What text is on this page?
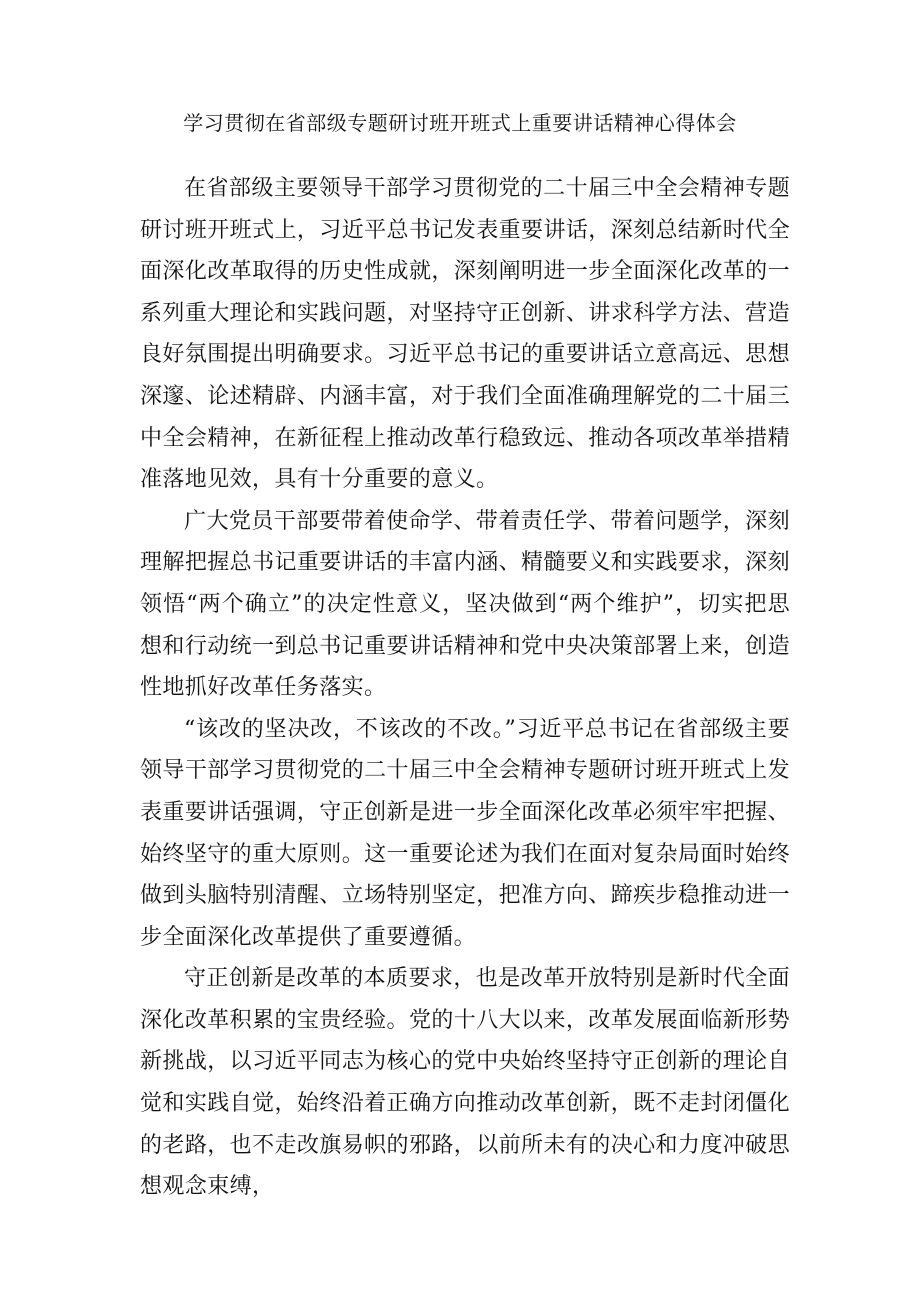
学习贯彻在省部级专题研讨班开班式上重要讲话精神心得体会

在省部级主要领导干部学习贯彻党的二十届三中全会精神专题研讨班开班式上，习近平总书记发表重要讲话，深刻总结新时代全面深化改革取得的历史性成就，深刻阐明进一步全面深化改革的一系列重大理论和实践问题，对坚持守正创新、讲求科学方法、营造良好氛围提出明确要求。习近平总书记的重要讲话立意高远、思想深邃、论述精辟、内涵丰富，对于我们全面准确理解党的二十届三中全会精神，在新征程上推动改革行稳致远、推动各项改革举措精准落地见效，具有十分重要的意义。

广大党员干部要带着使命学、带着责任学、带着问题学，深刻理解把握总书记重要讲话的丰富内涵、精髓要义和实践要求，深刻领悟“两个确立”的决定性意义，坚决做到“两个维护”，切实把思想和行动统一到总书记重要讲话精神和党中央决策部署上来，创造性地抓好改革任务落实。

“该改的坚决改，不该改的不改。”习近平总书记在省部级主要领导干部学习贯彻党的二十届三中全会精神专题研讨班开班式上发表重要讲话强调，守正创新是进一步全面深化改革必须牢牢把握、始终坚守的重大原则。这一重要论述为我们在面对复杂局面时始终做到头脑特别清醒、立场特别坚定，把准方向、蹄疾步稳推动进一步全面深化改革提供了重要遵循。

守正创新是改革的本质要求，也是改革开放特别是新时代全面深化改革积累的宝贵经验。党的十八大以来，改革发展面临新形势新挑战，以习近平同志为核心的党中央始终坚持守正创新的理论自觉和实践自觉，始终沿着正确方向推动改革创新，既不走封闭僵化的老路，也不走改旗易帜的邪路，以前所未有的决心和力度冲破思想观念束缚，
